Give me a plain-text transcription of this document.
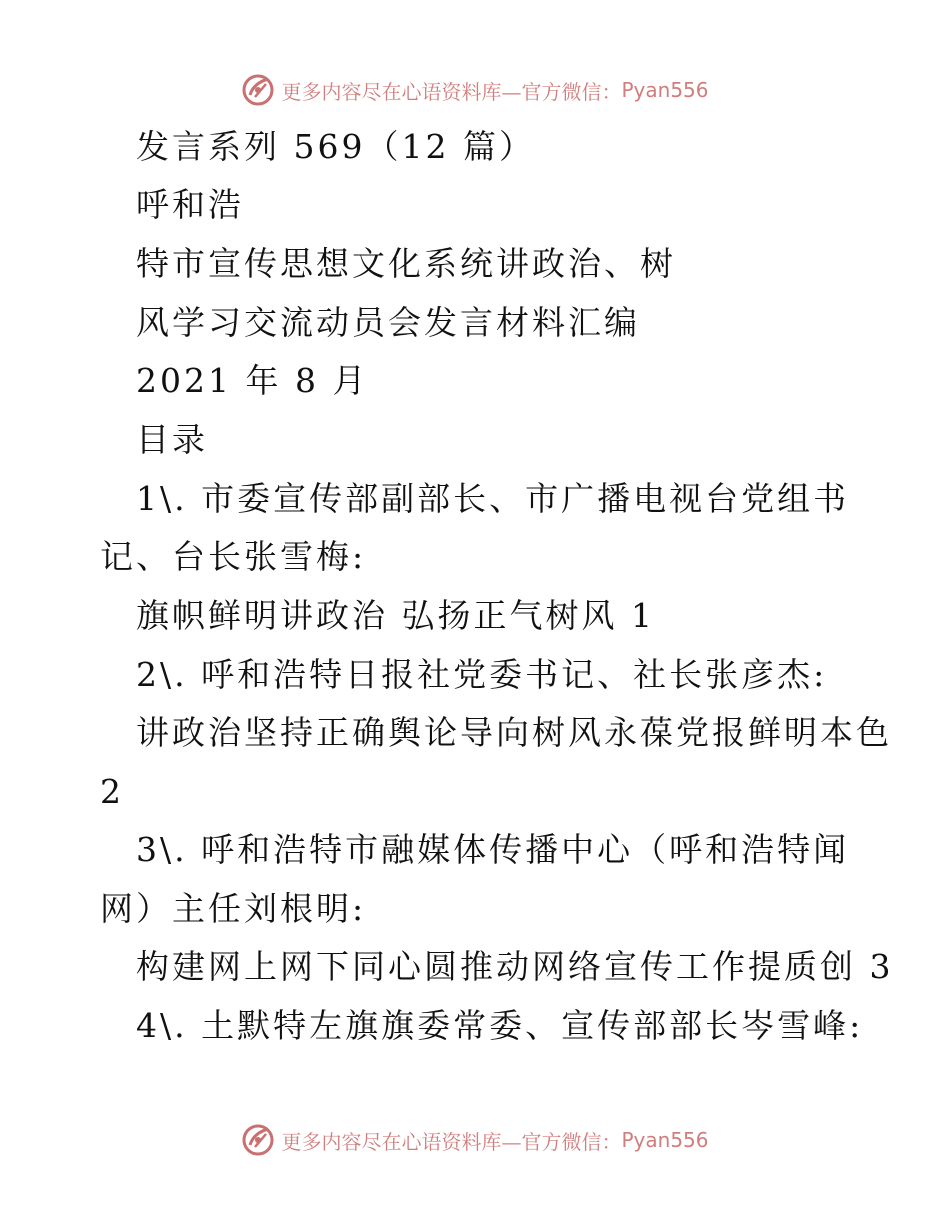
更多内容尽在心语资料库—官方微信： Pyan556
发言系列 569（12 篇）
呼和浩
特市宣传思想文化系统讲政治、树
风学习交流动员会发言材料汇编
2021 年 8 月
目录
1\. 市委宣传部副部长、市广播电视台党组书
记、台长张雪梅:
旗帜鲜明讲政治 弘扬正气树风 1
2\. 呼和浩特日报社党委书记、社长张彦杰:
讲政治坚持正确舆论导向树风永葆党报鲜明本色
2
3\. 呼和浩特市融媒体传播中心（呼和浩特闻
网）主任刘根明:
构建网上网下同心圆推动网络宣传工作提质创 3
4\. 土默特左旗旗委常委、宣传部部长岑雪峰:
更多内容尽在心语资料库—官方微信： Pyan556
